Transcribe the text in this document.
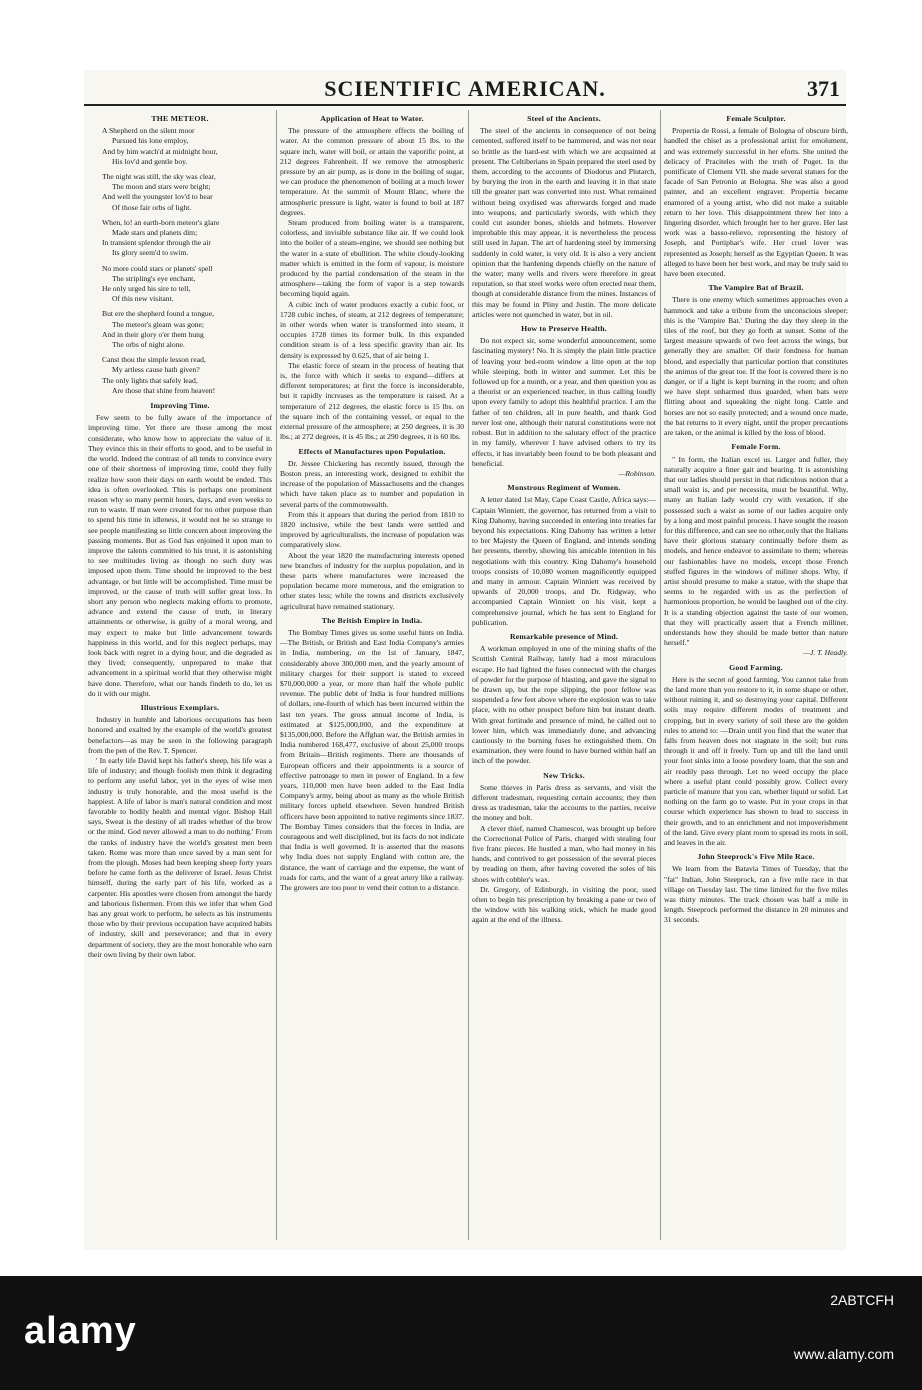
SCIENTIFIC AMERICAN.	371
THE METEOR.
A Shepherd on the silent moor
Pursued his lone employ,
And by him watch'd at midnight hour,
His lov'd and gentle boy.
The night was still, the sky was clear,
The moon and stars were bright;
And well the youngster lov'd to hear
Of those fair orbs of light.
When, lo! an earth-born meteor's glare
Made stars and planets dim;
In transient splendor through the air
Its glory seem'd to swim.
No more could stars or planets' spell
The stripling's eye enchant,
He only urged his sire to tell,
Of this new visitant.
But ere the shepherd found a tongue,
The meteor's gleam was gone;
And in their glory o'er them hung
The orbs of night alone.
Canst thou the simple lesson read,
My artless cause hath given?
The only lights that safely lead,
Are those that shine from heaven!
Improving Time.

Few seem to be fully aware of the importance of improving time. Yet there are those among the most considerate, who know how to appreciate the value of it. They evince this in their efforts to good, and to be useful in the world. Indeed the contrast of all tends to convince every one of their shortness of improving time, could they fully realize how soon their days on earth would be ended. This idea is often overlooked. This is perhaps one prominent reason why so many permit hours, days, and even weeks to run to waste. If man were created for no other purpose than to spend his time in idleness, it would not be so strange to see people manifesting so little concern about improving the passing moments. But as God has enjoined it upon man to improve the talents committed to his trust, it is astonishing to see multitudes living as though no such duty was imposed upon them. Time should be improved to the best advantage, or but little will be accomplished. Time must be improved, or the cause of truth will suffer great loss. In short any person who neglects making efforts to promote, advance and extend the cause of truth, in literary attainments or otherwise, is guilty of a moral wrong, and may expect to make but little advancement towards happiness in this world, and for this neglect perhaps, may look back with regret in a dying hour, and die degraded as they lived; consequently, unprepared to make that advancement in a spiritual world that they otherwise might have done. Therefore, what our hands findeth to do, let us do it with our might.

Illustrious Exemplars.

Industry in humble and laborious occupations has been honored and exalted by the example of the world's greatest benefactors—as may be seen in the following paragraph from the pen of the Rev. T. Spencer.

' In early life David kept his father's sheep, his life was a life of industry; and though foolish men think it degrading to perform any useful labor, yet in the eyes of wise men industry is truly honorable, and the most useful is the happiest. A life of labor is man's natural condition and most favorable to bodily health and mental vigor. Bishop Hall says, Sweat is the destiny of all trades whether of the brow or the mind. God never allowed a man to do nothing.' From the ranks of industry have the world's greatest men been taken. Rome was more than once saved by a man sent for from the plough. Moses had been keeping sheep forty years before he came forth as the deliverer of Israel. Jesus Christ himself, during the early part of his life, worked as a carpenter. His apostles were chosen from amongst the hardy and laborious fishermen. From this we infer that when God has any great work to perform, he selects as his instruments those who by their previous occupation have acquired habits of industry, skill and perseverance; and that in every department of society, they are the most honorable who earn their own living by their own labor.

Application of Heat to Water.

The pressure of the atmosphere effects the boiling of water. At the common pressure of about 15 lbs. to the square inch, water will boil, or attain the vaporific point, at 212 degrees Fahrenheit. If we remove the atmospheric pressure by an air pump, as is done in the boiling of sugar, we can produce the phenomenon of boiling at a much lower temperature. At the summit of Mount Blanc, where the atmospheric pressure is light, water is found to boil at 187 degrees.

Steam produced from boiling water is a transparent, colorless, and invisible substance like air. If we could look into the boiler of a steam-engine, we should see nothing but the water in a state of ebullition. The white cloudy-looking matter which is emitted in the form of vapour, is moisture produced by the partial condensation of the steam in the atmosphere—taking the form of vapor is a step towards becoming liquid again.

A cubic inch of water produces exactly a cubic foot, or 1728 cubic inches, of steam, at 212 degrees of temperature; in other words when water is transformed into steam, it occupies 1728 times its former bulk. In this expanded condition steam is of a less specific gravity than air. Its density is expressed by 0.625, that of air being 1.

The elastic force of steam in the process of heating that is, the force with which it seeks to expand—differs at different temperatures; at first the force is inconsiderable, but it rapidly increases as the temperature is raised. At a temperature of 212 degrees, the elastic force is 15 lbs. on the square inch of the containing vessel, or equal to the external pressure of the atmosphere; at 250 degrees, it is 30 lbs.; at 272 degrees, it is 45 lbs.; at 290 degrees, it is 60 lbs.

Effects of Manufactures upon Population.

Dr. Jessee Chickering has recently issued, through the Boston press, an interesting work, designed to exhibit the increase of the population of Massachusetts and the changes which have taken place as to number and population in several parts of the commonwealth.

From this it appears that during the period from 1810 to 1820 inclusive, while the best lands were settled and improved by agriculturalists, the increase of population was comparatively slow.

About the year 1820 the manufacturing interests opened new branches of industry for the surplus population, and in these parts where manufactures were increased the population became more numerous, and the emigration to other states less; while the towns and districts exclusively agricultural have remained stationary.

The British Empire in India.

The Bombay Times gives us some useful hints on India.—The British, or British and East India Company's armies in India, numbering, on the 1st of January, 1847, considerably above 300,000 men, and the yearly amount of military charges for their support is stated to exceed $70,000,000 a year, or more than half the whole public revenue. The public debt of India is four hundred millions of dollars, one-fourth of which has been incurred within the last ten years. The gross annual income of India, is estimated at $125,000,000, and the expenditure at $135,000,000. Before the Affghan war, the British armies in India numbered 168,477, exclusive of about 25,000 troops from Britain—British regiments. There are thousands of European officers and their appointments is a source of effective patronage to men in power of England. In a few years, 110,000 men have been added to the East India Company's army, being about as many as the whole British military forces upheld elsewhere. Seven hundred British officers have been appointed to native regiments since 1837. The Bombay Times considers that the forces in India, are courageous and well disciplined, but its facts do not indicate that India is well governed. It is asserted that the reasons why India does not supply England with cotton are, the distance, the want of carriage and the expense, the want of roads for carts, and the want of a great artery like a railway. The growers are too poor to vend their cotton to a distance.

Steel of the Ancients.

The steel of the ancients in consequence of not being cemented, suffered itself to be hammered, and was not near so brittle as the hard-est with which we are acquainted at present. The Celtiberians in Spain prepared the steel used by them, according to the accounts of Diodorus and Plutarch, by burying the iron in the earth and leaving it in that state till the greater part was converted into rust. What remained without being oxydised was afterwards forged and made into weapons, and particularly swords, with which they could cut asunder bones, shields and helmets. However improbable this may appear, it is nevertheless the process still used in Japan. The art of hardening steel by immersing suddenly in cold water, is very old. It is also a very ancient opinion that the hardening depends chiefly on the nature of the water; many wells and rivers were therefore in great reputation, so that steel works were often erected near them, though at considerable distance from the mines. Instances of this may be found in Pliny and Justin. The more delicate articles were not quenched in water, but in oil.

How to Preserve Health.

Do not expect sir, some wonderful announcement, some fascinating mystery! No. It is simply the plain little practice of leaving your bed-room window a litte open at the top while sleeping, both in winter and summer. Let this be followed up for a month, or a year, and then question you as a theorist or an experienced teacher, in thus calling loudly upon every family to adopt this healthful practice. I am the father of ten children, all in pure health, and thank God never lost one, although their natural constitutions were not robust. But in addition to the salutary effect of the practice in my family, wherever I have advised others to try its effects, it has invariably been found to be both pleasant and beneficial.

—Robinson.
Monstrous Regiment of Women.

A letter dated 1st May, Cape Coast Castle, Africa says:—Captain Winniett, the governor, has returned from a visit to King Dahomy, having succeeded in entering into treaties far beyond his expectations. King Dahomy has written a letter to her Majesty the Queen of England, and intends sending her presents, thereby, showing his amicable intention in his negotiations with this country. King Dahomy's household troops consists of 10,080 women magnificently equipped and many in armour. Captain Winniett was received by upwards of 20,000 troops, and Dr. Ridgway, who accompanied Captain Winniett on his visit, kept a comprehensive journal, which he has sent to England for publication.

Remarkable presence of Mind.

A workman employed in one of the mining shafts of the Scottish Central Railway, lately had a most miraculous escape. He had lighted the fuses connected with the charges of powder for the purpose of blasting, and gave the signal to be drawn up, but the rope slipping, the poor fellow was suspended a few feet above where the explosion was to take place, with no other prospect before him but instant death. With great fortitude and presence of mind, he called out to lower him, which was immediately done, and advancing cautiously to the burning fuses he extinguished them. On examination, they were found to have burned within half an inch of the powder.

New Tricks.

Some thieves in Paris dress as servants, and visit the different tradesman, requesting certain accounts; they then dress as tradesman, take the accounts to the parties, receive the money and bolt.

A clever thief, named Chamescot, was brought up before the Correctional Police of Paris, charged with stealing four five franc pieces. He hustled a man, who had money in his hands, and contrived to get possession of the several pieces by treading on them, after having covered the soles of his shoes with cobbler's wax.

Dr. Gregory, of Edinburgh, in visiting the poor, used often to begin his prescription by breaking a pane or two of the window with his walking stick, which he made good again at the end of the illness.

Female Sculptor.

Propertia de Rossi, a female of Bologna of obscure birth, handled the chisel as a professional artist for emolument, and was extremely successful in her eforts. She united the delicacy of Praciteles with the truth of Puget. In the pontificate of Clement VII. she made several statues for the facade of San Petronio at Bologna. She was also a good painter, and an excellent engraver. Propertia became enamored of a young artist, who did not make a suitable return to her love. This disappointment threw her into a lingering disorder, which brought her to her grave. Her last work was a basso-relievo, representing the history of Joseph, and Portiphar's wife. Her cruel lover was represented as Joseph; herself as the Egyptian Queen. It was alleged to have been her best work, and may be truly said to have been executed.

The Vampire Bat of Brazil.

There is one enemy which sometimes approaches even a hammock and take a tribute from the unconscious sleeper; this is the 'Vampire Bat.' During the day they sleep in the tiles of the roof, but they go forth at sunset. Some of the largest measure upwards of two feet across the wings, but generally they are smaller. Of their fondness for human blood, and especially that particular portion that constitutes the animus of the great toe. If the foot is covered there is no danger, or if a light is kept burning in the room; and often we have slept unharmed thus guarded, when bats were flitting about and squeaking the night long. Cattle and horses are not so easily protected; and a wound once made, the bat returns to it every night, until the proper precautions are taken, or the animal is killed by the loss of blood.

Female Form.

" In form, the Italian excel us. Larger and fuller, they naturally acquire a finer gait and bearing. It is astonishing that our ladies should persist in that ridiculous notion that a small waist is, and per necessita, must be beautiful. Why, many an Italian lady would cry with vexation, if she possessed such a waist as some of our ladies acquire only by a long and most painful process. I have sought the reason for this difference, and can see no other,ouly that the Italians have their glorious statuary continually before them as models, and hence endeavor to assimilate to them; whereas our fashionables have no models, except those French stuffed figures in the windows of miliner shops. Why, if artist should presume to make a statue, with the shape that seems to be regarded with us as the perfection of harmonious proportion, he would be laughed out of the city. It is a standing objection against the taste of our women, that they will practically assert that a French milliner, understands how they should be made better than nature herself."

—J. T. Headly.
Good Farming.

Here is the secret of good farming. You cannot take from the land more than you restore to it, in some shape or other, without ruining it, and so destroying your capital. Different soils may require different modes of treatment and cropping, but in every variety of soil these are the golden rules to attend to: —Drain until you find that the water that falls from heaven does not stagnate in the soil; but runs through it and off it freely. Turn up and till the land until your foot sinks into a loose powdery loam, that the sun and air readily pass through. Let no weed occupy the place where a useful plant could possibly grow. Collect every particle of manure that you can, whether liquid or solid. Let nothing on the farm go to waste. Put in your crops in that course which experience has shown to lead to success in their growth, and to an enrichment and not impoverishment of the land. Give every plant room to spread its roots in soil, and leaves in the air.

John Steeprock's Five Mile Race.

We learn from the Batavia Times of Tuesday, that the "fat" Indian, John Steeprock, ran a five mile race in that village on Tuesday last. The time limited for the five miles was thirty minutes. The track chosen was half a mile in length. Steeprock performed the distance in 20 minutes and 31 seconds.

alamy
2ABTCFH
www.alamy.com
